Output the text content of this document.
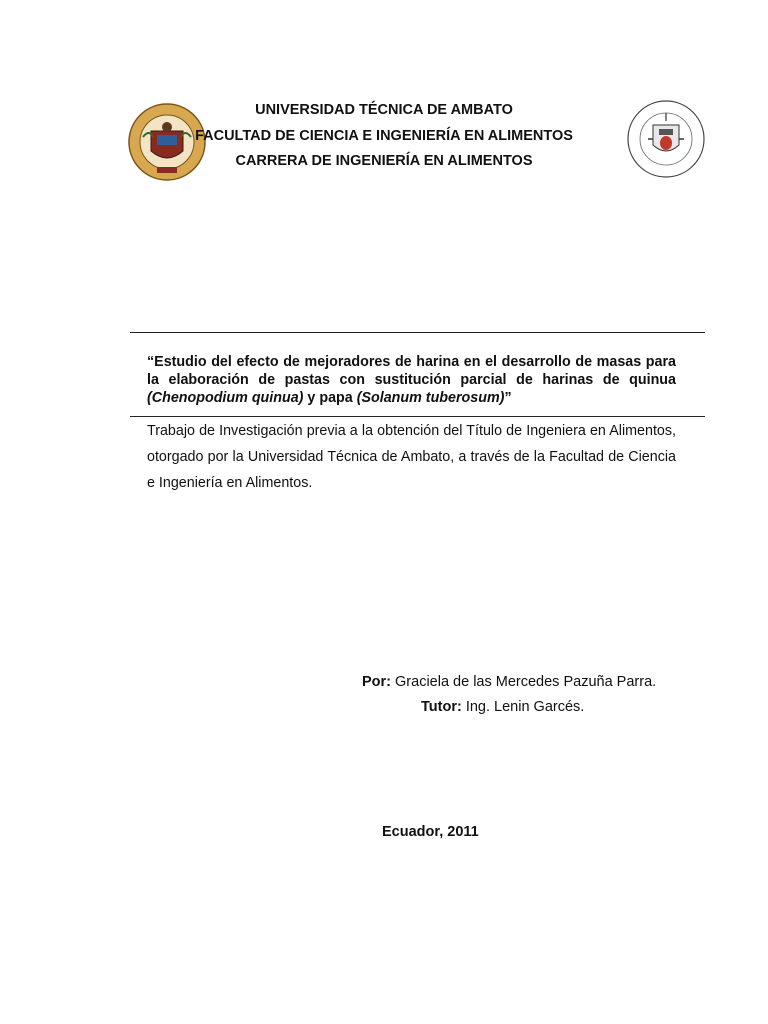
UNIVERSIDAD TÉCNICA DE AMBATO
FACULTAD DE CIENCIA E INGENIERÍA EN ALIMENTOS
CARRERA DE INGENIERÍA EN ALIMENTOS
“Estudio del efecto de mejoradores de harina en el desarrollo de masas para la elaboración de pastas con sustitución parcial de harinas de quinua (Chenopodium quinua) y papa (Solanum tuberosum)”
Trabajo de Investigación previa a la obtención del Título de Ingeniera en Alimentos, otorgado por la Universidad Técnica de Ambato, a través de la Facultad de Ciencia e Ingeniería en Alimentos.
Por: Graciela de las Mercedes Pazuña Parra.
Tutor: Ing. Lenin Garcés.
Ecuador, 2011
